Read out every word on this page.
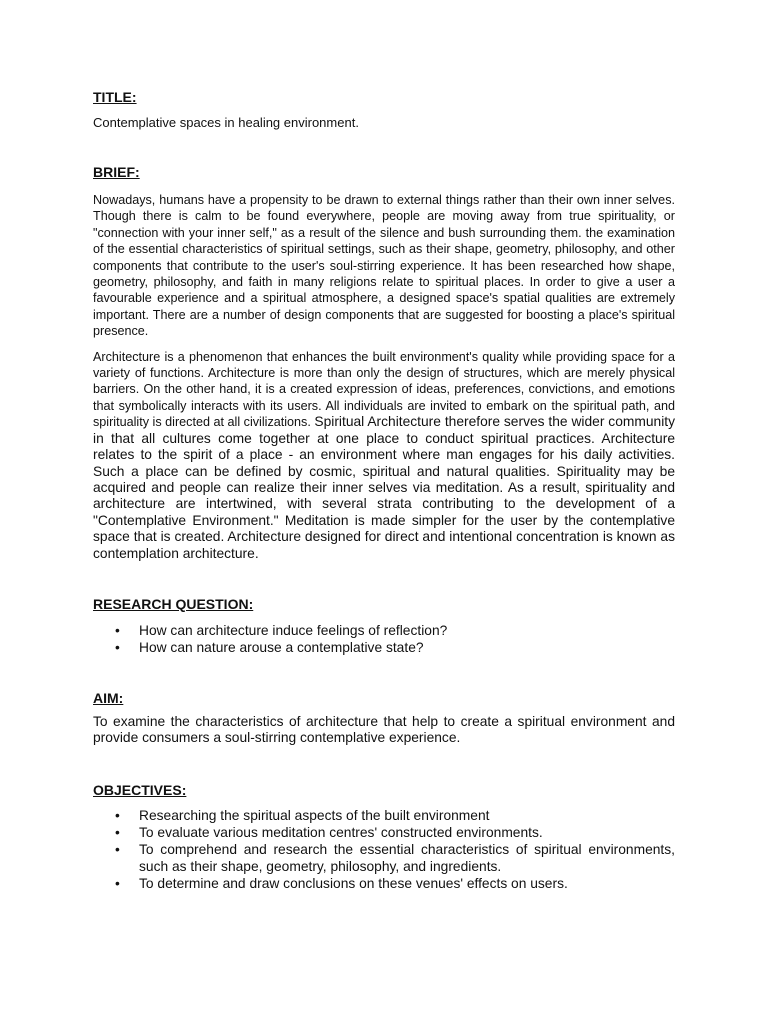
TITLE:

Contemplative spaces in healing environment.

BRIEF:

Nowadays, humans have a propensity to be drawn to external things rather than their own inner selves. Though there is calm to be found everywhere, people are moving away from true spirituality, or "connection with your inner self," as a result of the silence and bush surrounding them. the examination of the essential characteristics of spiritual settings, such as their shape, geometry, philosophy, and other components that contribute to the user's soul-stirring experience. It has been researched how shape, geometry, philosophy, and faith in many religions relate to spiritual places. In order to give a user a favourable experience and a spiritual atmosphere, a designed space's spatial qualities are extremely important. There are a number of design components that are suggested for boosting a place's spiritual presence.

Architecture is a phenomenon that enhances the built environment's quality while providing space for a variety of functions. Architecture is more than only the design of structures, which are merely physical barriers. On the other hand, it is a created expression of ideas, preferences, convictions, and emotions that symbolically interacts with its users. All individuals are invited to embark on the spiritual path, and spirituality is directed at all civilizations. Spiritual Architecture therefore serves the wider community in that all cultures come together at one place to conduct spiritual practices. Architecture relates to the spirit of a place - an environment where man engages for his daily activities. Such a place can be defined by cosmic, spiritual and natural qualities. Spirituality may be acquired and people can realize their inner selves via meditation. As a result, spirituality and architecture are intertwined, with several strata contributing to the development of a "Contemplative Environment." Meditation is made simpler for the user by the contemplative space that is created. Architecture designed for direct and intentional concentration is known as contemplation architecture.

RESEARCH QUESTION:

• How can architecture induce feelings of reflection?
• How can nature arouse a contemplative state?

AIM:

To examine the characteristics of architecture that help to create a spiritual environment and provide consumers a soul-stirring contemplative experience.

OBJECTIVES:

• Researching the spiritual aspects of the built environment
• To evaluate various meditation centres' constructed environments.
• To comprehend and research the essential characteristics of spiritual environments, such as their shape, geometry, philosophy, and ingredients.
• To determine and draw conclusions on these venues' effects on users.
